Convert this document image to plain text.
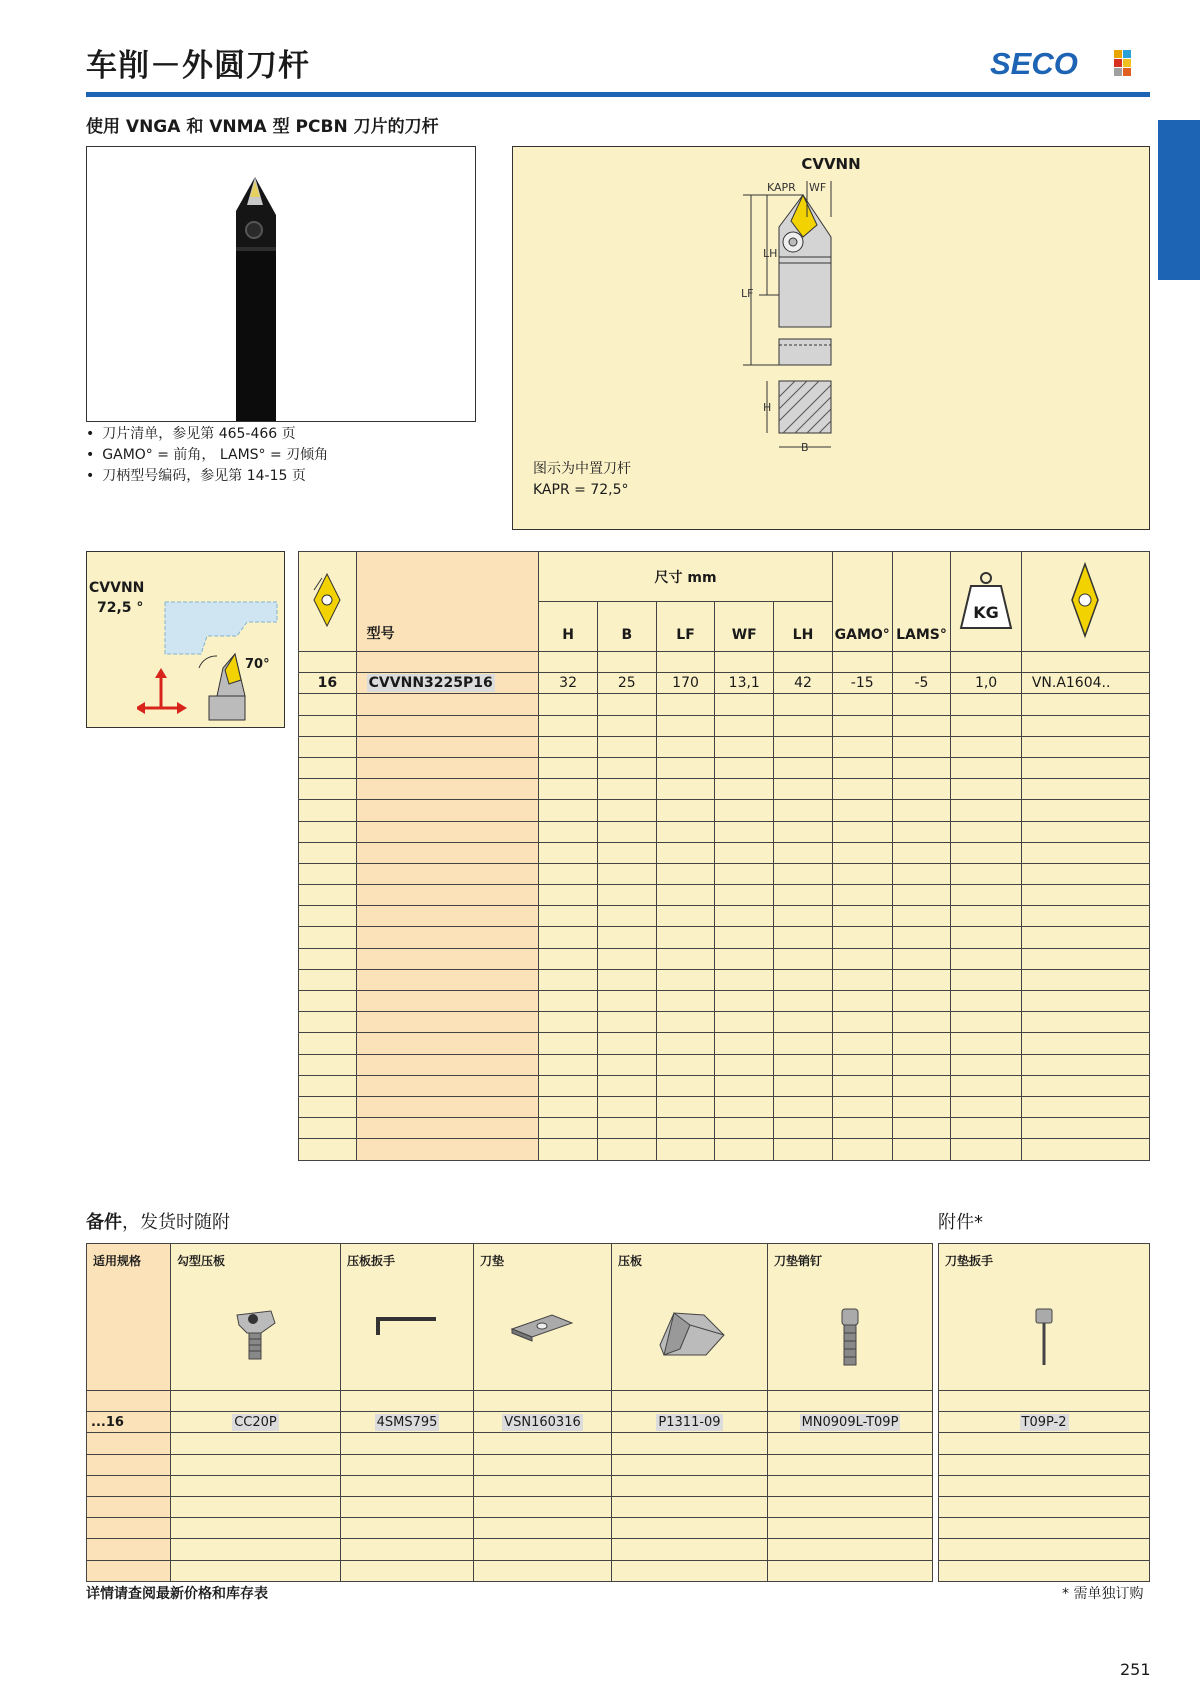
车削－外圆刀杆	SECO
使用 VNGA 和 VNMA 型 PCBN 刀片的刀杆
• 刀片清单，参见第 465-466 页
• GAMO° = 前角， LAMS° = 刃倾角
• 刀柄型号编码，参见第 14-15 页
CVVNN
LH
LF
KAPR WF
H
B
图示为中置刀杆
KAPR = 72,5°
CVVNN
72,5 °
70°
	型号	尺寸 mm					GAMO°	LAMS°	KG

		H	B	LF	WF	LH				

16	CVVNN3225P16	32	25	170	13,1	42	-15	-5	1,0	VN.A1604..

备件，发货时随附	附件*
适用规格	勾型压板	压板扳手	刀垫	压板	刀垫销钉

...16	CC20P	4SMS795	VSN160316	P1311-09	MN0909L-T09P

刀垫扳手

T09P-2

详情请查阅最新价格和库存表	* 需单独订购
251
